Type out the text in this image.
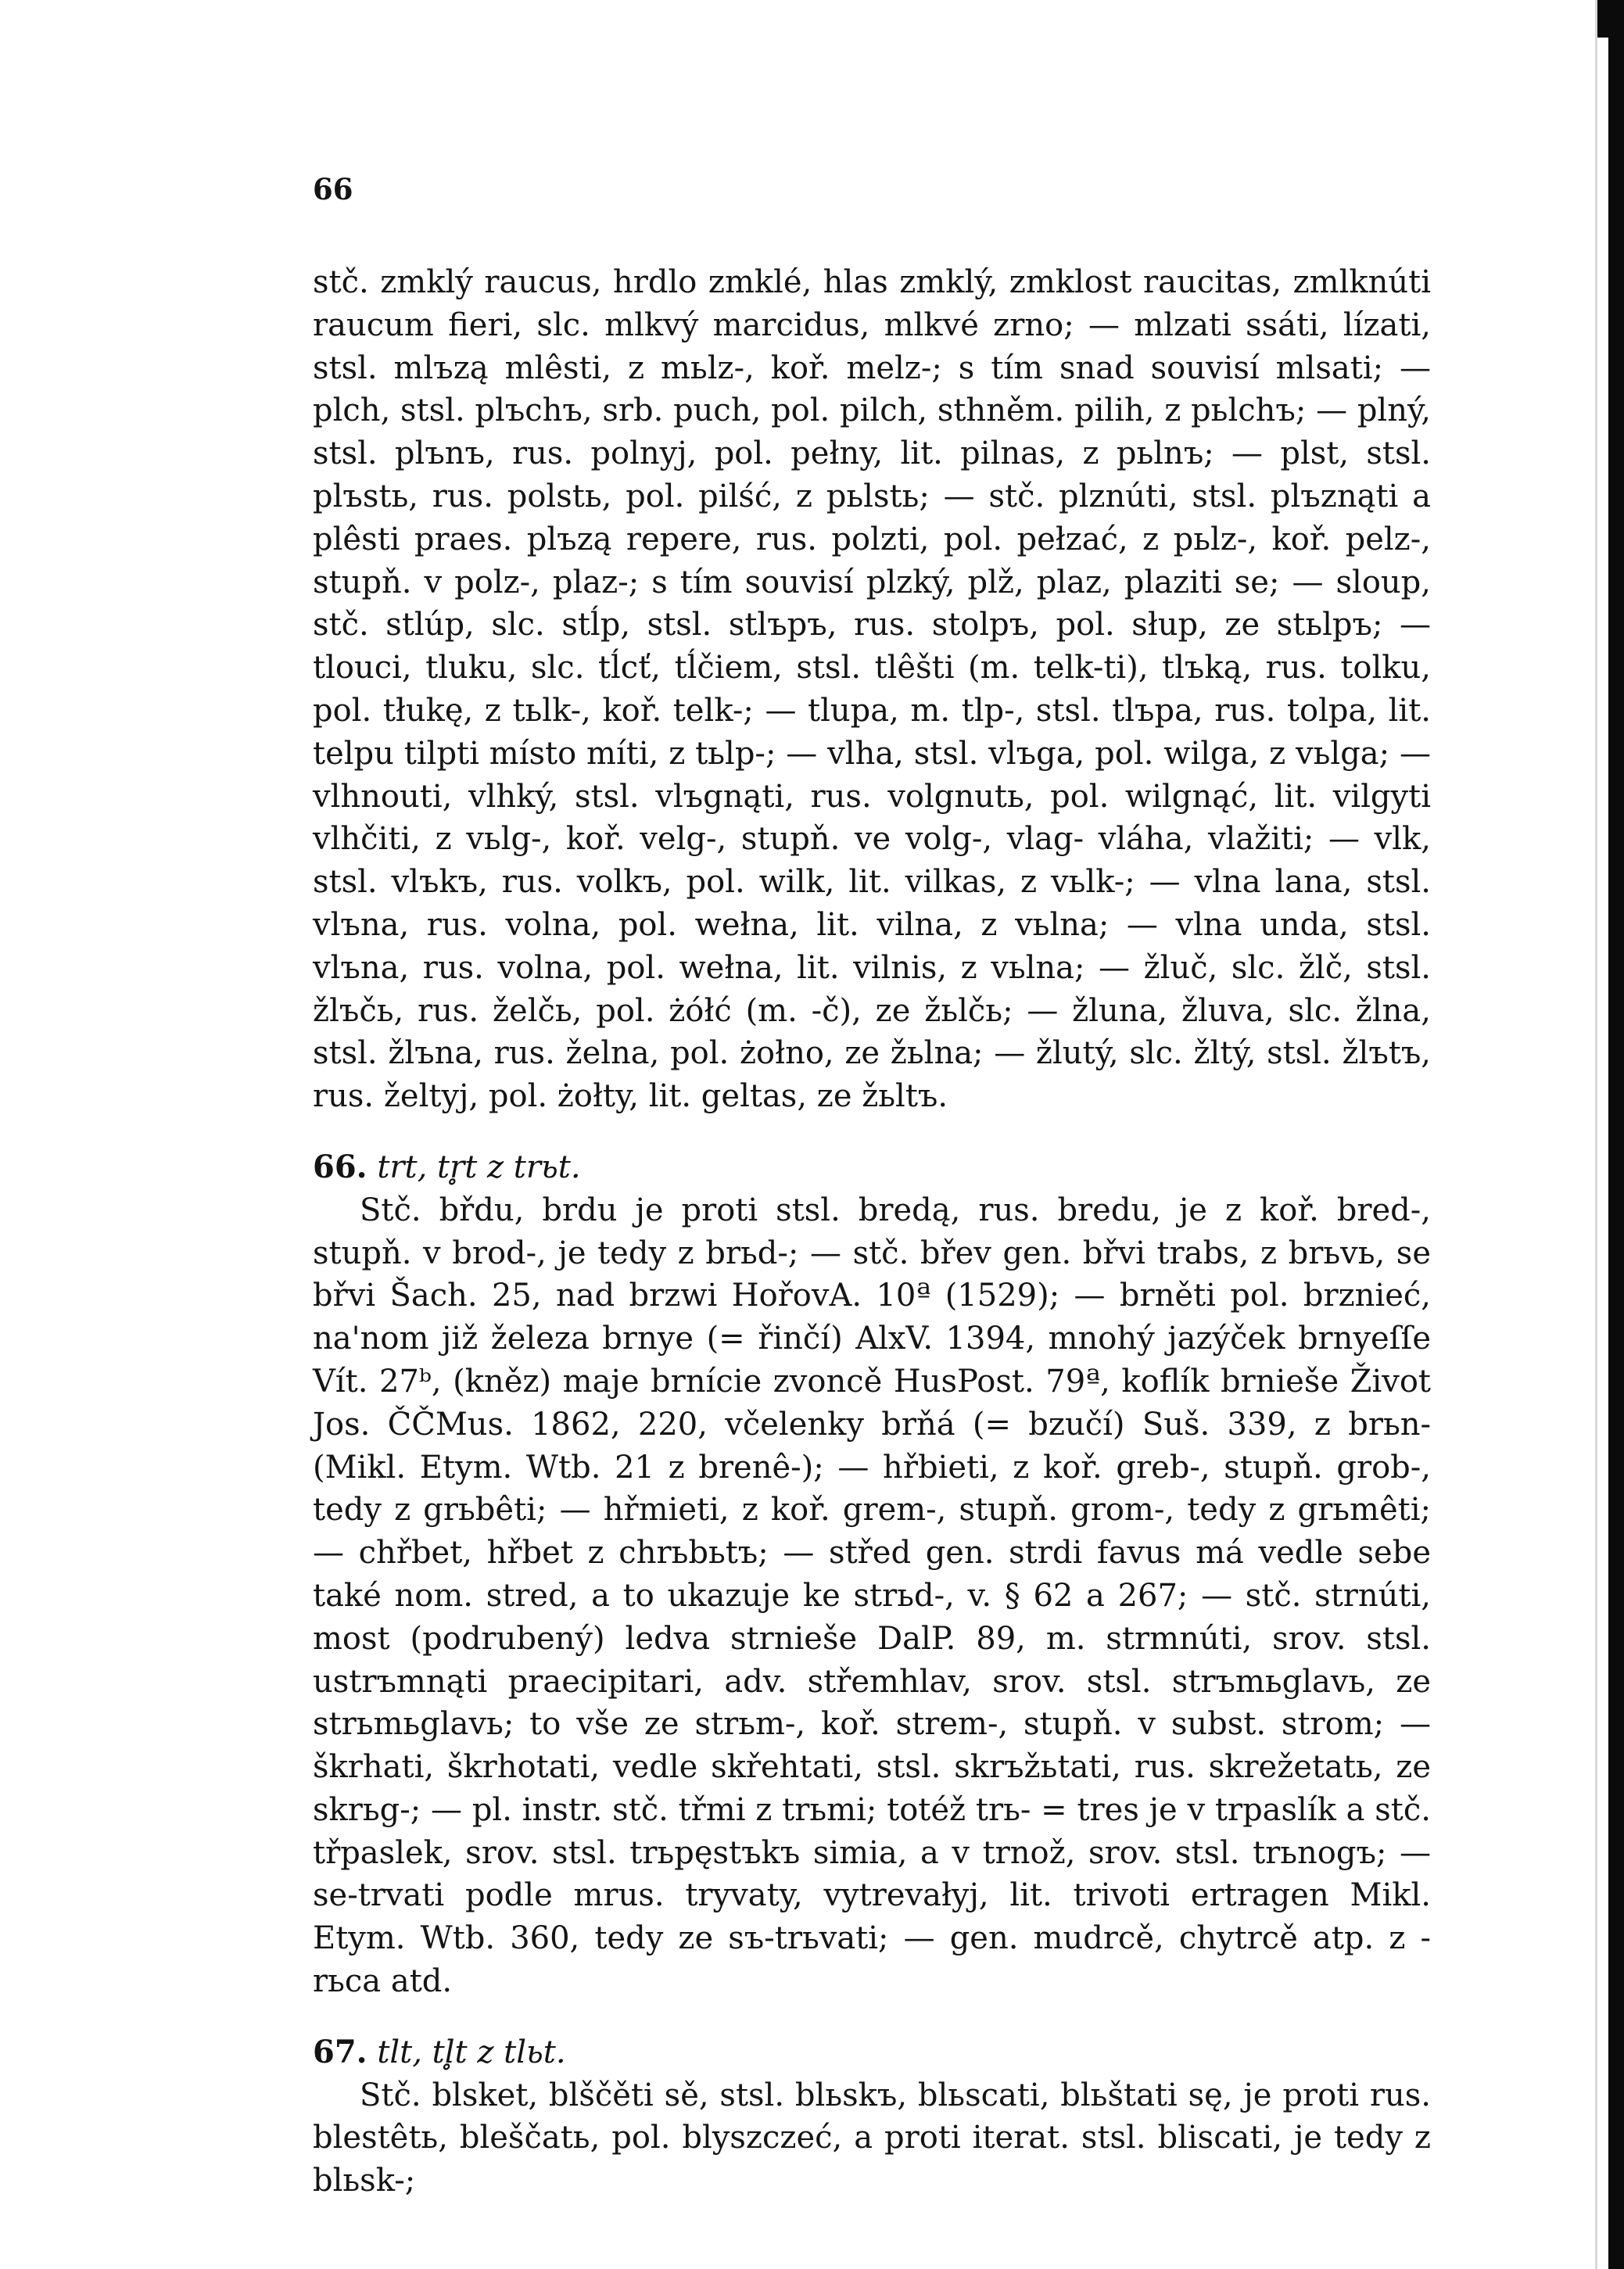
66

stč. zmklý raucus, hrdlo zmklé, hlas zmklý, zmklost raucitas, zmlknúti raucum fieri, slc. mlkvý marcidus, mlkvé zrno; — mlzati ssáti, lízati, stsl. mlъzą mlêsti, z mьlz-, koř. melz-; s tím snad souvisí mlsati; — plch, stsl. plъchъ, srb. puch, pol. pilch, sthněm. pilih, z pьlchъ; — plný, stsl. plъnъ, rus. polnyj, pol. pełny, lit. pilnas, z pьlnъ; — plst, stsl. plъstь, rus. polstь, pol. pilść, z pьlstь; — stč. plznúti, stsl. plъznąti a plêsti praes. plъzą repere, rus. polzti, pol. pełzać, z pьlz-, koř. pelz-, stupň. v polz-, plaz-; s tím souvisí plzký, plž, plaz, plaziti se; — sloup, stč. stlúp, slc. stĺp, stsl. stlъpъ, rus. stolpъ, pol. słup, ze stьlpъ; — tlouci, tluku, slc. tĺcť, tĺčiem, stsl. tlêšti (m. telk-ti), tlъką, rus. tolku, pol. tłukę, z tьlk-, koř. telk-; — tlupa, m. tlp-, stsl. tlъpa, rus. tolpa, lit. telpu tilpti místo míti, z tьlp-; — vlha, stsl. vlъga, pol. wilga, z vьlga; — vlhnouti, vlhký, stsl. vlъgnąti, rus. volgnutь, pol. wilgnąć, lit. vilgyti vlhčiti, z vьlg-, koř. velg-, stupň. ve volg-, vlag- vláha, vlažiti; — vlk, stsl. vlъkъ, rus. volkъ, pol. wilk, lit. vilkas, z vьlk-; — vlna lana, stsl. vlъna, rus. volna, pol. wełna, lit. vilna, z vьlna; — vlna unda, stsl. vlъna, rus. volna, pol. wełna, lit. vilnis, z vьlna; — žluč, slc. žlč, stsl. žlъčь, rus. želčь, pol. żółć (m. -č), ze žьlčь; — žluna, žluva, slc. žlna, stsl. žlъna, rus. želna, pol. żołno, ze žьlna; — žlutý, slc. žltý, stsl. žlъtъ, rus. želtyj, pol. żołty, lit. geltas, ze žьltъ.

66. trt, tr̥t z trьt.

Stč. břdu, brdu je proti stsl. bredą, rus. bredu, je z koř. bred-, stupň. v brod-, je tedy z brьd-; — stč. břev gen. břvi trabs, z brьvь, se břvi Šach. 25, nad brzwi HořovA. 10ª (1529); — brněti pol. brznieć, na'nom již železa brnye (= řinčí) AlxV. 1394, mnohý jazýček brnyeſſe Vít. 27ᵇ, (kněz) maje brnície zvoncě HusPost. 79ª, koflík brnieše Život Jos. ČČMus. 1862, 220, včelenky brňá (= bzučí) Suš. 339, z brьn- (Mikl. Etym. Wtb. 21 z brenê-); — hřbieti, z koř. greb-, stupň. grob-, tedy z grьbêti; — hřmieti, z koř. grem-, stupň. grom-, tedy z grьmêti; — chřbet, hřbet z chrьbьtъ; — střed gen. strdi favus má vedle sebe také nom. stred, a to ukazuje ke strьd-, v. § 62 a 267; — stč. strnúti, most (podrubený) ledva strnieše DalP. 89, m. strmnúti, srov. stsl. ustrъmnąti praecipitari, adv. střemhlav, srov. stsl. strъmьglavь, ze strьmьglavь; to vše ze strьm-, koř. strem-, stupň. v subst. strom; — škrhati, škrhotati, vedle skřehtati, stsl. skrъžьtati, rus. skrežetatь, ze skrьg-; — pl. instr. stč. třmi z trьmi; totéž trь- = tres je v trpaslík a stč. třpaslek, srov. stsl. trьpęstъkъ simia, a v trnož, srov. stsl. trьnogъ; — se-trvati podle mrus. tryvaty, vytrevałyj, lit. trivoti ertragen Mikl. Etym. Wtb. 360, tedy ze sъ-trьvati; — gen. mudrcě, chytrcě atp. z -rьca atd.

67. tlt, tl̥t z tlьt.

Stč. blsket, blščěti sě, stsl. blьskъ, blьscati, blьštati sę, je proti rus. blestêtь, bleščatь, pol. blyszczeć, a proti iterat. stsl. bliscati, je tedy z blьsk-;
